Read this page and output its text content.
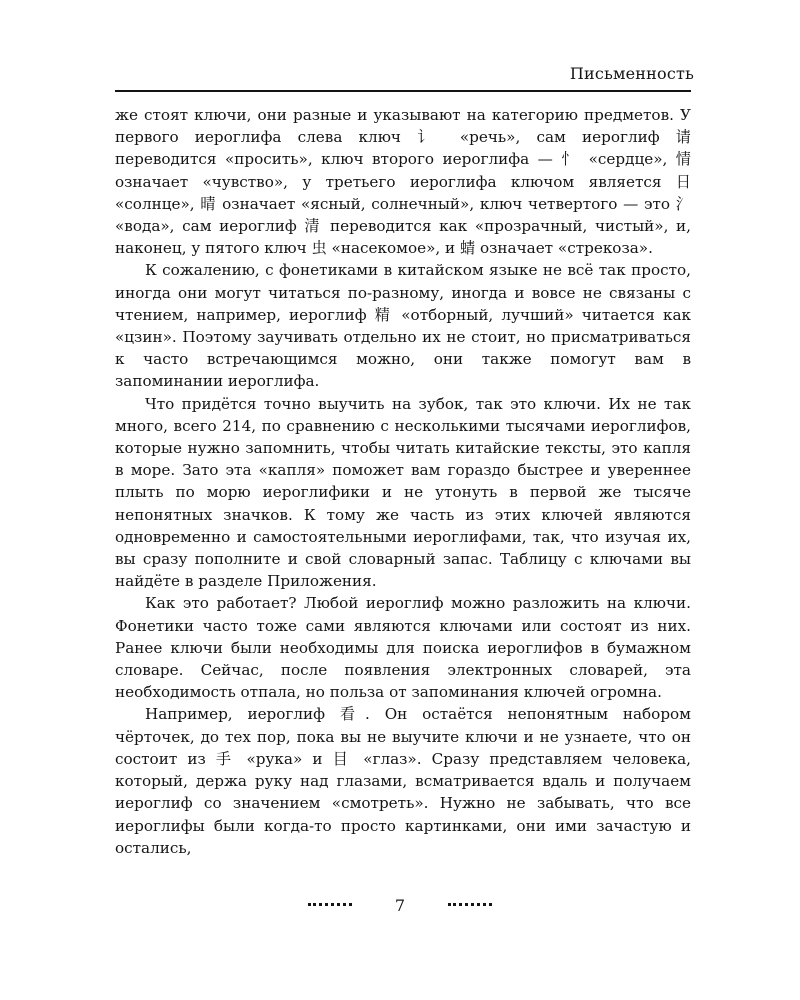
Письменность

же стоят ключи, они разные и указывают на категорию предметов. У первого иероглифа слева ключ 讠 «речь», сам иероглиф 请 переводится «просить», ключ второго иероглифа — 忄 «сердце», 情 означает «чувство», у третьего иероглифа ключом является 日 «солнце», 晴 означает «ясный, солнечный», ключ четвертого — это 氵 «вода», сам иероглиф 清 переводится как «прозрачный, чистый», и, наконец, у пятого ключ 虫 «насекомое», и 蜻 означает «стрекоза».

К сожалению, с фонетиками в китайском языке не всё так просто, иногда они могут читаться по-разному, иногда и вовсе не связаны с чтением, например, иероглиф 精 «отборный, лучший» читается как «цзин». Поэтому заучивать отдельно их не стоит, но присматриваться к часто встречающимся можно, они также помогут вам в запоминании иероглифа.

Что придётся точно выучить на зубок, так это ключи. Их не так много, всего 214, по сравнению с несколькими тысячами иероглифов, которые нужно запомнить, чтобы читать китайские тексты, это капля в море. Зато эта «капля» поможет вам гораздо быстрее и увереннее плыть по морю иероглифики и не утонуть в первой же тысяче непонятных значков. К тому же часть из этих ключей являются одновременно и самостоятельными иероглифами, так, что изучая их, вы сразу пополните и свой словарный запас. Таблицу с ключами вы найдёте в разделе Приложения.

Как это работает? Любой иероглиф можно разложить на ключи. Фонетики часто тоже сами являются ключами или состоят из них. Ранее ключи были необходимы для поиска иероглифов в бумажном словаре. Сейчас, после появления электронных словарей, эта необходимость отпала, но польза от запоминания ключей огромна.

Например, иероглиф 看. Он остаётся непонятным набором чёрточек, до тех пор, пока вы не выучите ключи и не узнаете, что он состоит из 手 «рука» и 目 «глаз». Сразу представляем человека, который, держа руку над глазами, всматривается вдаль и получаем иероглиф со значением «смотреть». Нужно не забывать, что все иероглифы были когда-то просто картинками, они ими зачастую и остались,

7
